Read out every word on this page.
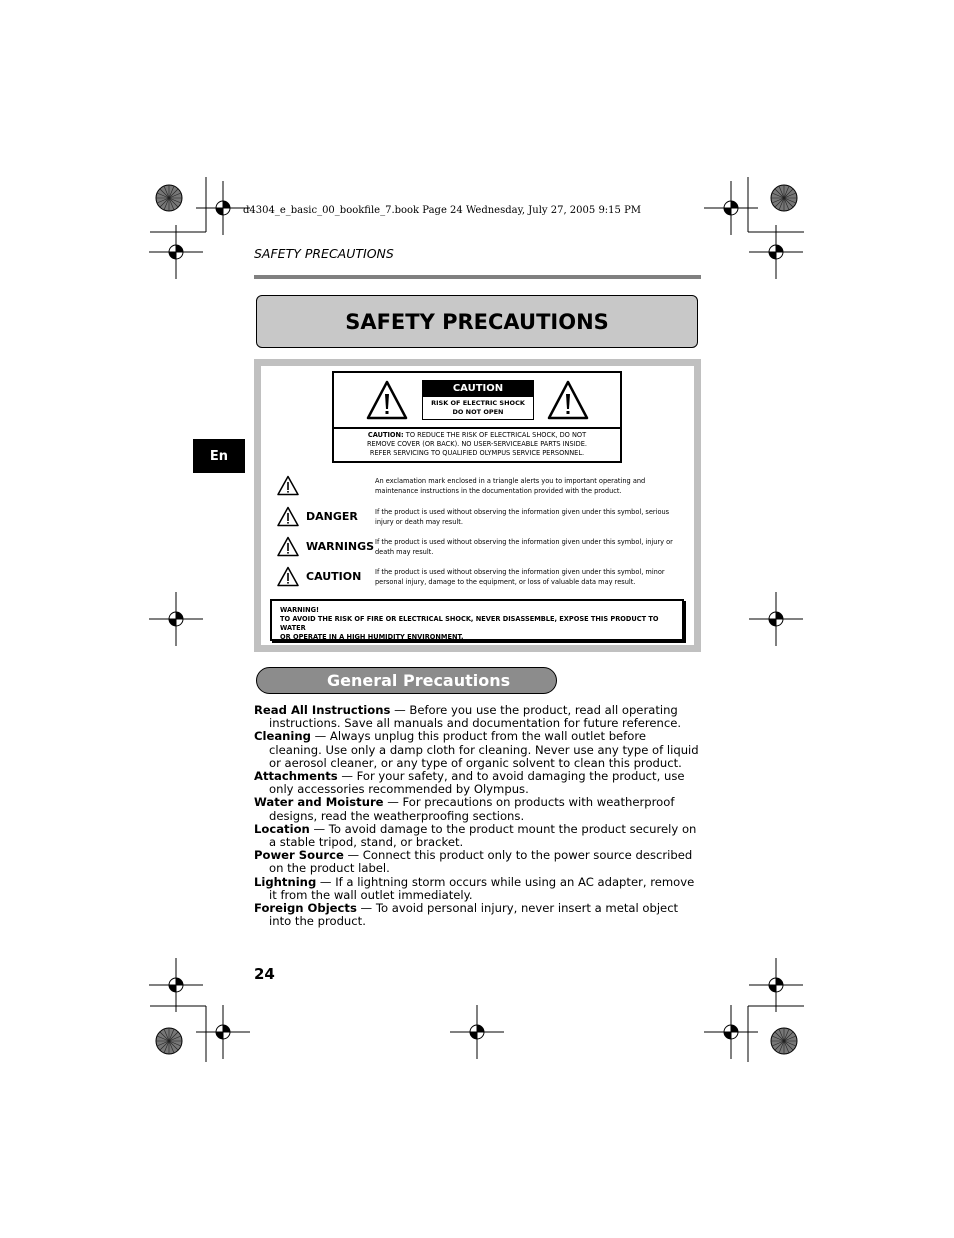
d4304_e_basic_00_bookfile_7.book Page 24 Wednesday, July 27, 2005 9:15 PM
SAFETY PRECAUTIONS
SAFETY PRECAUTIONS
En
CAUTION
RISK OF ELECTRIC SHOCK
DO NOT OPEN
CAUTION: TO REDUCE THE RISK OF ELECTRICAL SHOCK, DO NOT
REMOVE COVER (OR BACK). NO USER-SERVICEABLE PARTS INSIDE.
REFER SERVICING TO QUALIFIED OLYMPUS SERVICE PERSONNEL.
An exclamation mark enclosed in a triangle alerts you to important operating and
maintenance instructions in the documentation provided with the product.
DANGER	If the product is used without observing the information given under this symbol, serious
injury or death may result.
WARNINGS If the product is used without observing the information given under this symbol, injury or
death may result.
CAUTION If the product is used without observing the information given under this symbol, minor
personal injury, damage to the equipment, or loss of valuable data may result.
WARNING!
TO AVOID THE RISK OF FIRE OR ELECTRICAL SHOCK, NEVER DISASSEMBLE, EXPOSE THIS PRODUCT TO WATER
OR OPERATE IN A HIGH HUMIDITY ENVIRONMENT.
General Precautions

Read All Instructions — Before you use the product, read all operating instructions. Save all manuals and documentation for future reference.

Cleaning — Always unplug this product from the wall outlet before cleaning. Use only a damp cloth for cleaning. Never use any type of liquid or aerosol cleaner, or any type of organic solvent to clean this product.

Attachments — For your safety, and to avoid damaging the product, use only accessories recommended by Olympus.

Water and Moisture — For precautions on products with weatherproof designs, read the weatherproofing sections.

Location — To avoid damage to the product mount the product securely on a stable tripod, stand, or bracket.

Power Source — Connect this product only to the power source described on the product label.

Lightning — If a lightning storm occurs while using an AC adapter, remove it from the wall outlet immediately.

Foreign Objects — To avoid personal injury, never insert a metal object into the product.

24
